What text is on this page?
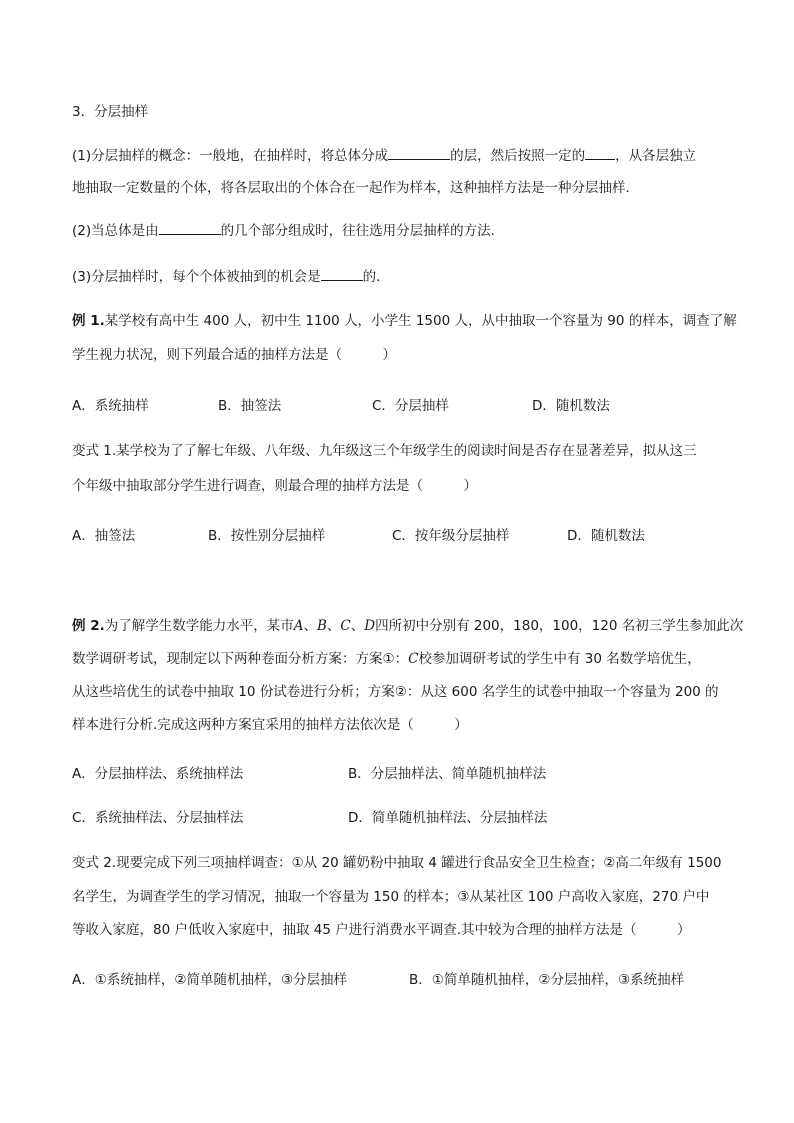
3．分层抽样
(1)分层抽样的概念：一般地，在抽样时，将总体分成	的层，然后按照一定的 ，从各层独立
地抽取一定数量的个体，将各层取出的个体合在一起作为样本，这种抽样方法是一种分层抽样．
(2)当总体是由	的几个部分组成时，往往选用分层抽样的方法．
(3)分层抽样时，每个个体被抽到的机会是	的．
例 1.某学校有高中生 400 人，初中生 1100 人，小学生 1500 人，从中抽取一个容量为 90 的样本，调查了解
学生视力状况，则下列最合适的抽样方法是（　　　）
A．系统抽样	B．抽签法	C．分层抽样	D．随机数法
变式 1.某学校为了了解七年级、八年级、九年级这三个年级学生的阅读时间是否存在显著差异，拟从这三
个年级中抽取部分学生进行调查，则最合理的抽样方法是（　　　）
A．抽签法	B．按性别分层抽样	C．按年级分层抽样	D．随机数法
例 2.为了解学生数学能力水平，某市A、B、C、D四所初中分别有 200，180，100，120 名初三学生参加此次
数学调研考试，现制定以下两种卷面分析方案：方案①：C校参加调研考试的学生中有 30 名数学培优生，
从这些培优生的试卷中抽取 10 份试卷进行分析；方案②：从这 600 名学生的试卷中抽取一个容量为 200 的
样本进行分析.完成这两种方案宜采用的抽样方法依次是（　　　）
A．分层抽样法、系统抽样法	B．分层抽样法、简单随机抽样法
C．系统抽样法、分层抽样法	D．简单随机抽样法、分层抽样法
变式 2.现要完成下列三项抽样调查：①从 20 罐奶粉中抽取 4 罐进行食品安全卫生检查；②高二年级有 1500
名学生，为调查学生的学习情况，抽取一个容量为 150 的样本；③从某社区 100 户高收入家庭，270 户中
等收入家庭，80 户低收入家庭中，抽取 45 户进行消费水平调查.其中较为合理的抽样方法是（　　　）
A．①系统抽样，②简单随机抽样，③分层抽样	B．①简单随机抽样，②分层抽样，③系统抽样
